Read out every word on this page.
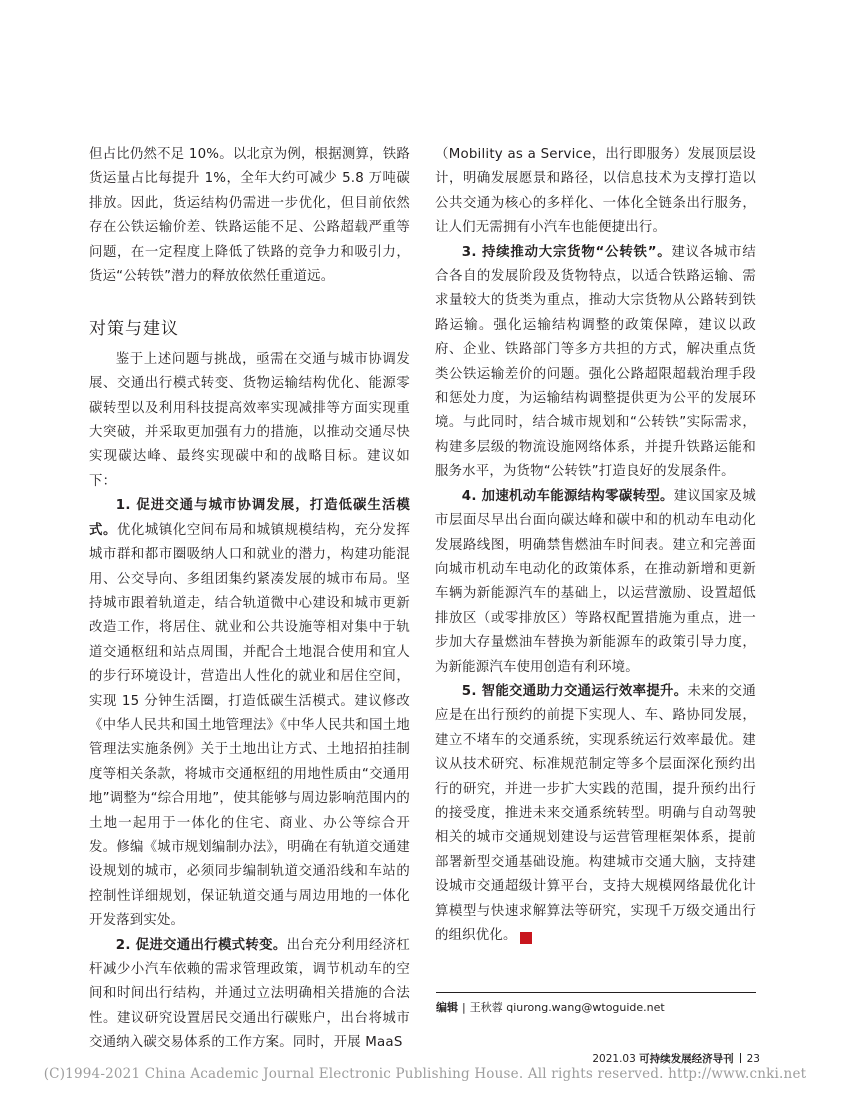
但占比仍然不足 10%。以北京为例，根据测算，铁路货运量占比每提升 1%，全年大约可减少 5.8 万吨碳排放。因此，货运结构仍需进一步优化，但目前依然存在公铁运输价差、铁路运能不足、公路超载严重等问题，在一定程度上降低了铁路的竞争力和吸引力，货运“公转铁”潜力的释放依然任重道远。

对策与建议

鉴于上述问题与挑战，亟需在交通与城市协调发展、交通出行模式转变、货物运输结构优化、能源零碳转型以及利用科技提高效率实现减排等方面实现重大突破，并采取更加强有力的措施，以推动交通尽快实现碳达峰、最终实现碳中和的战略目标。建议如下：

1. 促进交通与城市协调发展，打造低碳生活模式。优化城镇化空间布局和城镇规模结构，充分发挥城市群和都市圈吸纳人口和就业的潜力，构建功能混用、公交导向、多组团集约紧凑发展的城市布局。坚持城市跟着轨道走，结合轨道微中心建设和城市更新改造工作，将居住、就业和公共设施等相对集中于轨道交通枢纽和站点周围，并配合土地混合使用和宜人的步行环境设计，营造出人性化的就业和居住空间，实现 15 分钟生活圈，打造低碳生活模式。建议修改《中华人民共和国土地管理法》《中华人民共和国土地管理法实施条例》关于土地出让方式、土地招拍挂制度等相关条款，将城市交通枢纽的用地性质由“交通用地”调整为“综合用地”，使其能够与周边影响范围内的土地一起用于一体化的住宅、商业、办公等综合开发。修编《城市规划编制办法》，明确在有轨道交通建设规划的城市，必须同步编制轨道交通沿线和车站的控制性详细规划，保证轨道交通与周边用地的一体化开发落到实处。

2. 促进交通出行模式转变。出台充分利用经济杠杆减少小汽车依赖的需求管理政策，调节机动车的空间和时间出行结构，并通过立法明确相关措施的合法性。建议研究设置居民交通出行碳账户，出台将城市交通纳入碳交易体系的工作方案。同时，开展 MaaS

（Mobility as a Service，出行即服务）发展顶层设计，明确发展愿景和路径，以信息技术为支撑打造以公共交通为核心的多样化、一体化全链条出行服务，让人们无需拥有小汽车也能便捷出行。

3. 持续推动大宗货物“公转铁”。建议各城市结合各自的发展阶段及货物特点，以适合铁路运输、需求量较大的货类为重点，推动大宗货物从公路转到铁路运输。强化运输结构调整的政策保障，建议以政府、企业、铁路部门等多方共担的方式，解决重点货类公铁运输差价的问题。强化公路超限超载治理手段和惩处力度，为运输结构调整提供更为公平的发展环境。与此同时，结合城市规划和“公转铁”实际需求，构建多层级的物流设施网络体系，并提升铁路运能和服务水平，为货物“公转铁”打造良好的发展条件。

4. 加速机动车能源结构零碳转型。建议国家及城市层面尽早出台面向碳达峰和碳中和的机动车电动化发展路线图，明确禁售燃油车时间表。建立和完善面向城市机动车电动化的政策体系，在推动新增和更新车辆为新能源汽车的基础上，以运营激励、设置超低排放区（或零排放区）等路权配置措施为重点，进一步加大存量燃油车替换为新能源车的政策引导力度，为新能源汽车使用创造有利环境。

5. 智能交通助力交通运行效率提升。未来的交通应是在出行预约的前提下实现人、车、路协同发展，建立不堵车的交通系统，实现系统运行效率最优。建议从技术研究、标准规范制定等多个层面深化预约出行的研究，并进一步扩大实践的范围，提升预约出行的接受度，推进未来交通系统转型。明确与自动驾驶相关的城市交通规划建设与运营管理框架体系，提前部署新型交通基础设施。构建城市交通大脑，支持建设城市交通超级计算平台，支持大规模网络最优化计算模型与快速求解算法等研究，实现千万级交通出行的组织优化。	✓

编辑 | 王秋蓉 qiurong.wang@wtoguide.net
2021.03 可持续发展经济导刊 23
(C)1994-2021 China Academic Journal Electronic Publishing House. All rights reserved. http://www.cnki.net
